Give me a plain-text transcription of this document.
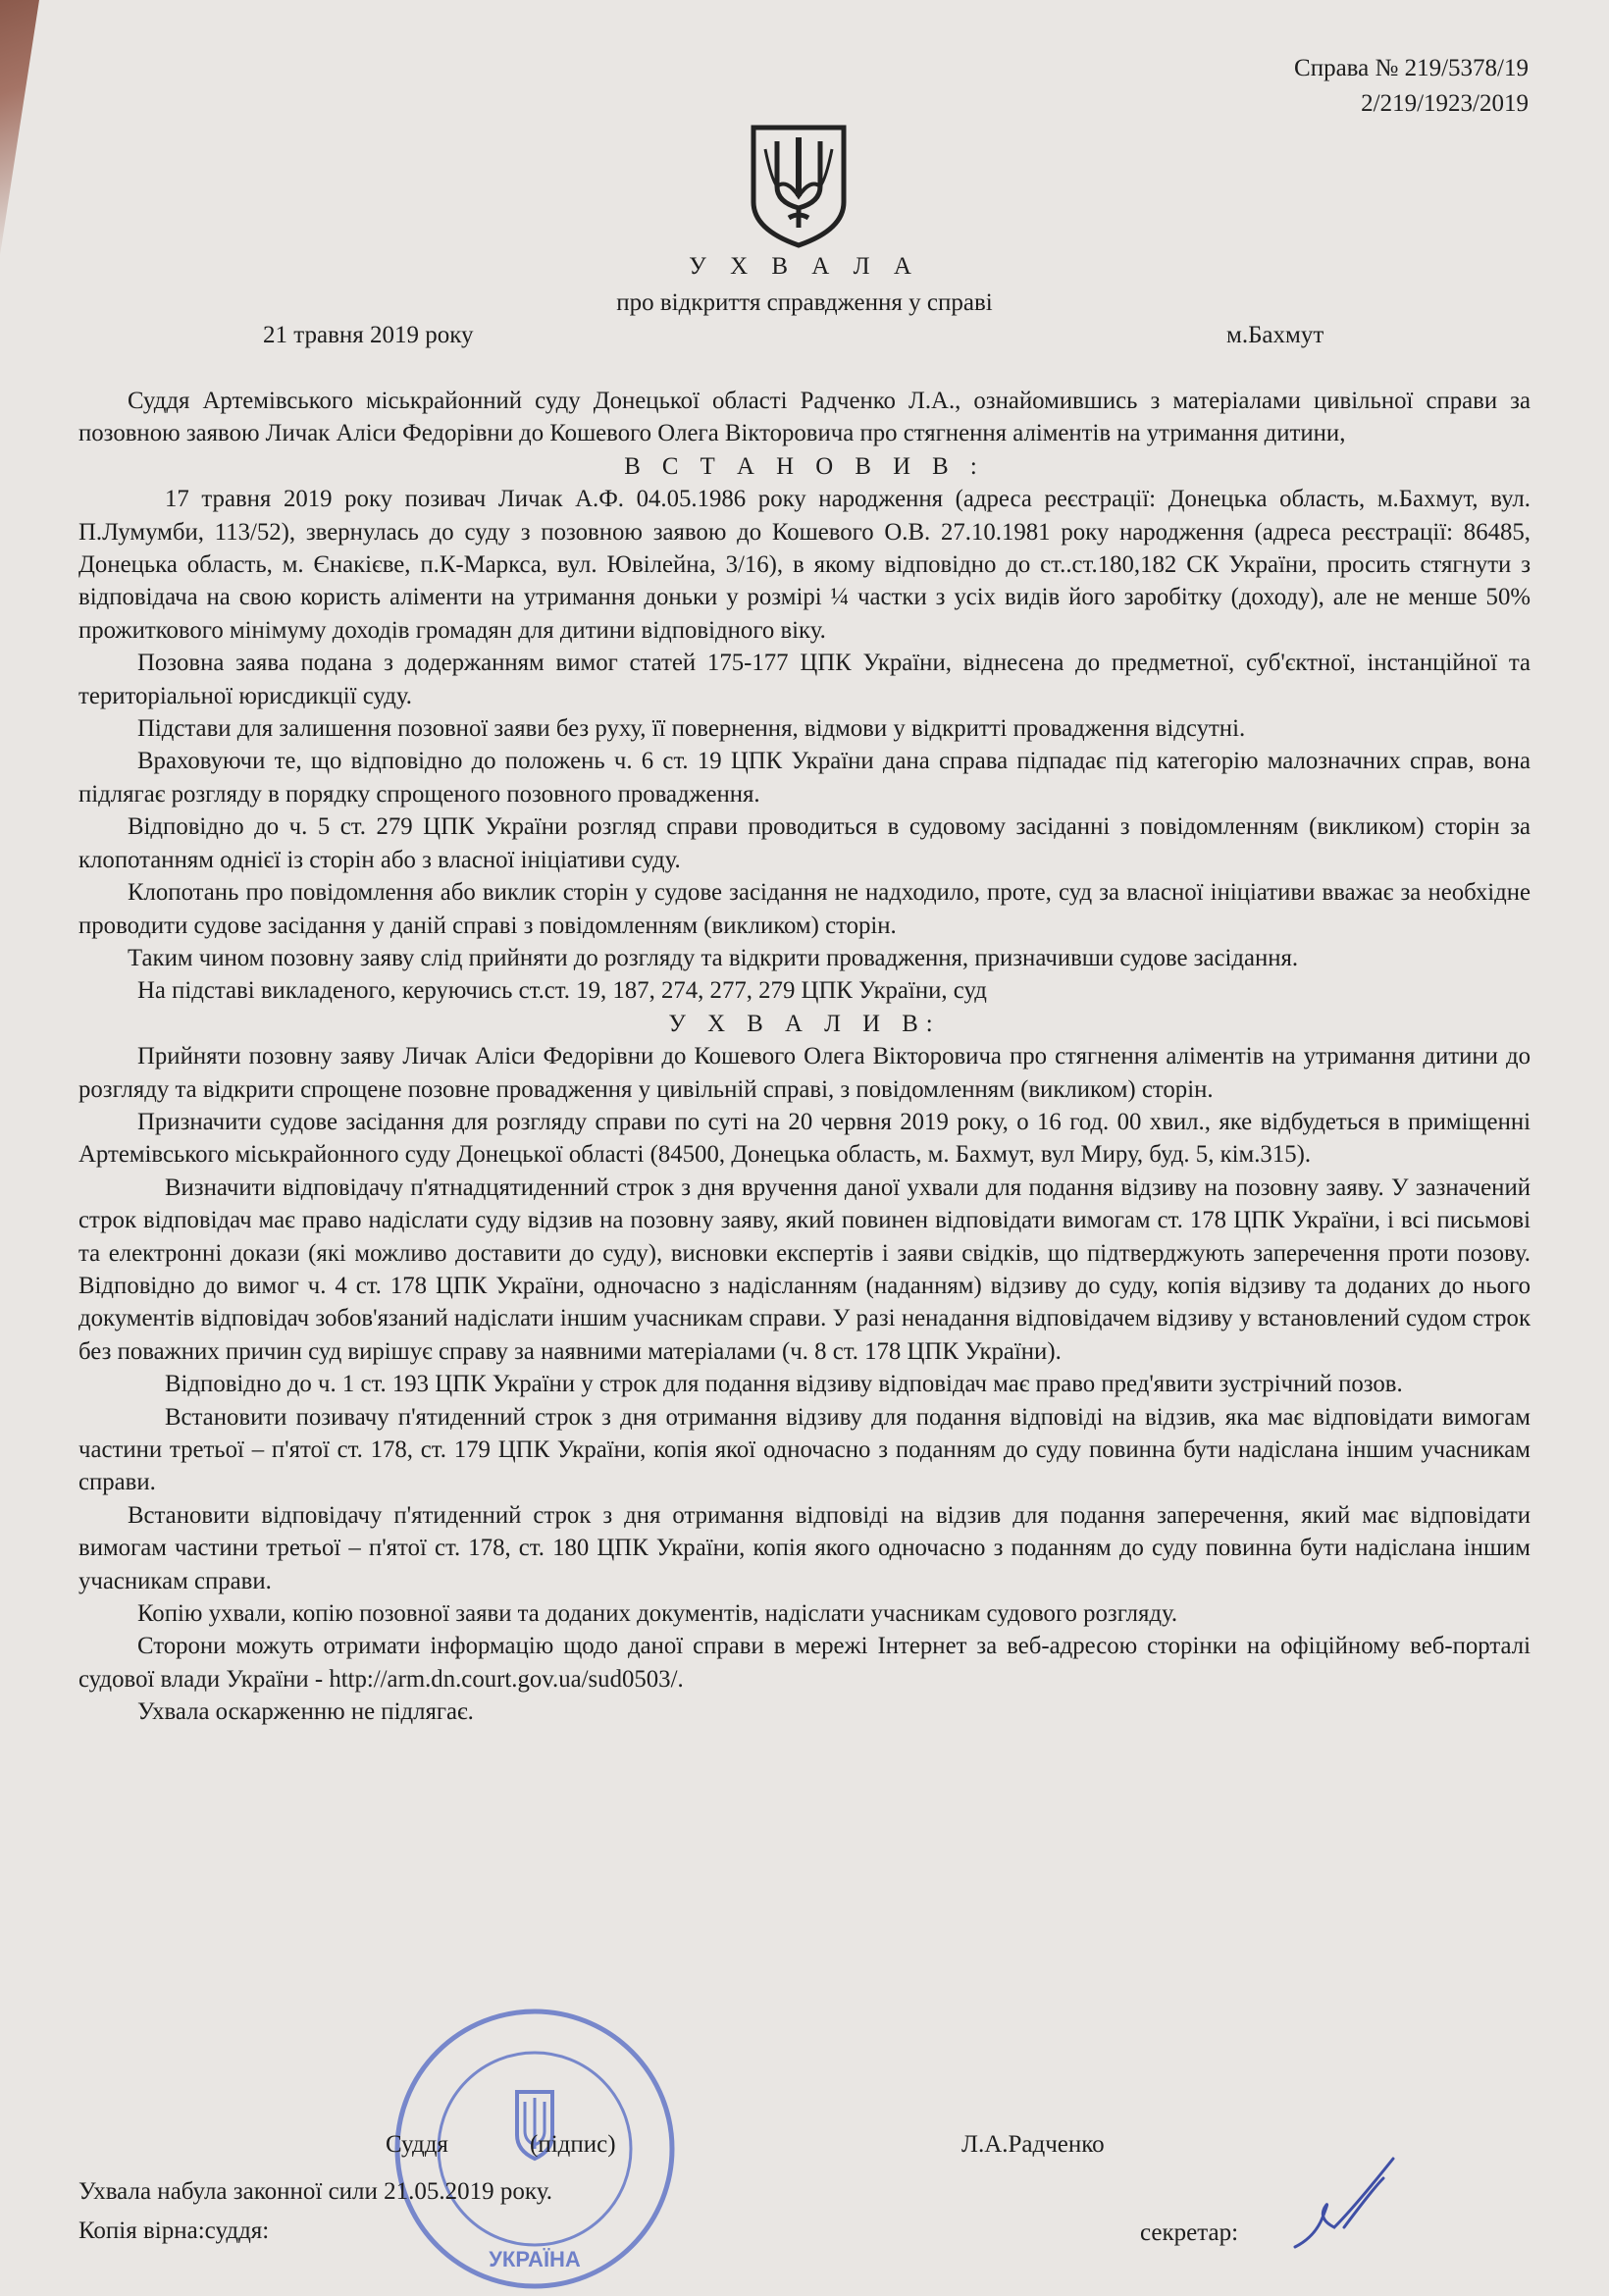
Справа № 219/5378/19
2/219/1923/2019
У Х В А Л А
про відкриття справдження у справі
21 травня 2019 року	м.Бахмут

Суддя Артемівського міськрайонний суду Донецької області Радченко Л.А., ознайомившись з матеріалами цивільної справи за позовною заявою Личак Аліси Федорівни до Кошевого Олега Вікторовича про стягнення аліментів на утримання дитини,

В С Т А Н О В И В :

17 травня 2019 року позивач Личак А.Ф. 04.05.1986 року народження (адреса реєстрації: Донецька область, м.Бахмут, вул. П.Лумумби, 113/52), звернулась до суду з позовною заявою до Кошевого О.В. 27.10.1981 року народження (адреса реєстрації: 86485, Донецька область, м. Єнакієве, п.К-Маркса, вул. Ювілейна, 3/16), в якому відповідно до ст..ст.180,182 СК України, просить стягнути з відповідача на свою користь аліменти на утримання доньки у розмірі ¼ частки з усіх видів його заробітку (доходу), але не менше 50% прожиткового мінімуму доходів громадян для дитини відповідного віку.

Позовна заява подана з додержанням вимог статей 175-177 ЦПК України, віднесена до предметної, суб'єктної, інстанційної та територіальної юрисдикції суду.

Підстави для залишення позовної заяви без руху, її повернення, відмови у відкритті провадження відсутні.

Враховуючи те, що відповідно до положень ч. 6 ст. 19 ЦПК України дана справа підпадає під категорію малозначних справ, вона підлягає розгляду в порядку спрощеного позовного провадження.

Відповідно до ч. 5 ст. 279 ЦПК України розгляд справи проводиться в судовому засіданні з повідомленням (викликом) сторін за клопотанням однієї із сторін або з власної ініціативи суду.

Клопотань про повідомлення або виклик сторін у судове засідання не надходило, проте, суд за власної ініціативи вважає за необхідне проводити судове засідання у даній справі з повідомленням (викликом) сторін.

Таким чином позовну заяву слід прийняти до розгляду та відкрити провадження, призначивши судове засідання.

На підставі викладеного, керуючись ст.ст. 19, 187, 274, 277, 279 ЦПК України, суд

У Х В А Л И В:

Прийняти позовну заяву Личак Аліси Федорівни до Кошевого Олега Вікторовича про стягнення аліментів на утримання дитини до розгляду та відкрити спрощене позовне провадження у цивільній справі, з повідомленням (викликом) сторін.

Призначити судове засідання для розгляду справи по суті на 20 червня 2019 року, о 16 год. 00 хвил., яке відбудеться в приміщенні Артемівського міськрайонного суду Донецької області (84500, Донецька область, м. Бахмут, вул Миру, буд. 5, кім.315).

Визначити відповідачу п'ятнадцятиденний строк з дня вручення даної ухвали для подання відзиву на позовну заяву. У зазначений строк відповідач має право надіслати суду відзив на позовну заяву, який повинен відповідати вимогам ст. 178 ЦПК України, і всі письмові та електронні докази (які можливо доставити до суду), висновки експертів і заяви свідків, що підтверджують заперечення проти позову. Відповідно до вимог ч. 4 ст. 178 ЦПК України, одночасно з надісланням (наданням) відзиву до суду, копія відзиву та доданих до нього документів відповідач зобов'язаний надіслати іншим учасникам справи. У разі ненадання відповідачем відзиву у встановлений судом строк без поважних причин суд вирішує справу за наявними матеріалами (ч. 8 ст. 178 ЦПК України).

Відповідно до ч. 1 ст. 193 ЦПК України у строк для подання відзиву відповідач має право пред'явити зустрічний позов.

Встановити позивачу п'ятиденний строк з дня отримання відзиву для подання відповіді на відзив, яка має відповідати вимогам частини третьої – п'ятої ст. 178, ст. 179 ЦПК України, копія якої одночасно з поданням до суду повинна бути надіслана іншим учасникам справи.

Встановити відповідачу п'ятиденний строк з дня отримання відповіді на відзив для подання заперечення, який має відповідати вимогам частини третьої – п'ятої ст. 178, ст. 180 ЦПК України, копія якого одночасно з поданням до суду повинна бути надіслана іншим учасникам справи.

Копію ухвали, копію позовної заяви та доданих документів, надіслати учасникам судового розгляду.

Сторони можуть отримати інформацію щодо даної справи в мережі Інтернет за веб-адресою сторінки на офіційному веб-порталі судової влади України - http://arm.dn.court.gov.ua/sud0503/.

Ухвала оскарженню не підлягає.

УКРАЇНА
Суддя	(підпис)	Л.А.Радченко
Ухвала набула законної сили 21.05.2019 року.
Копія вірна:суддя:	секретар:
